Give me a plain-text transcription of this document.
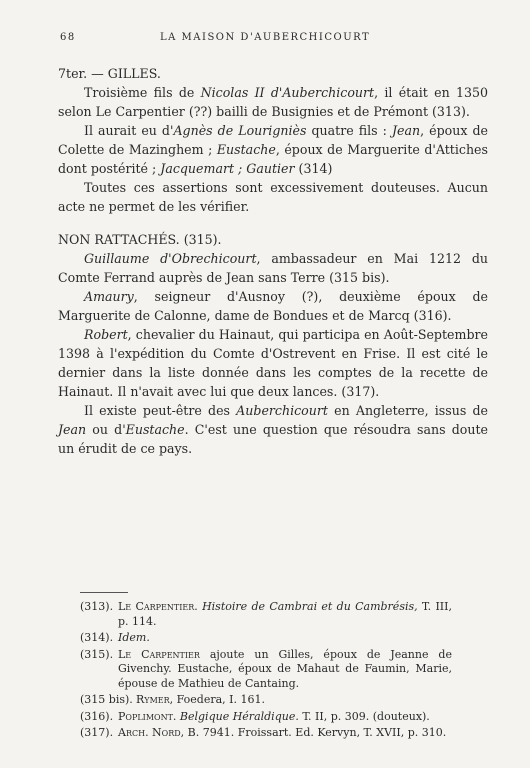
68	LA MAISON D'AUBERCHICOURT

7ter. — GILLES.

Troisième fils de Nicolas II d'Auberchicourt, il était en 1350 selon Le Carpentier (??) bailli de Busignies et de Prémont (313).

Il aurait eu d'Agnès de Lourigniès quatre fils : Jean, époux de Colette de Mazinghem ; Eustache, époux de Marguerite d'Attiches dont postérité ; Jacquemart ; Gautier (314)

Toutes ces assertions sont excessivement douteuses. Aucun acte ne permet de les vérifier.

NON RATTACHÉS. (315).

Guillaume d'Obrechicourt, ambassadeur en Mai 1212 du Comte Ferrand auprès de Jean sans Terre (315 bis).

Amaury, seigneur d'Ausnoy (?), deuxième époux de Marguerite de Calonne, dame de Bondues et de Marcq (316).

Robert, chevalier du Hainaut, qui participa en Août-Septembre 1398 à l'expédition du Comte d'Ostrevent en Frise. Il est cité le dernier dans la liste donnée dans les comptes de la recette de Hainaut. Il n'avait avec lui que deux lances. (317).

Il existe peut-être des Auberchicourt en Angleterre, issus de Jean ou d'Eustache. C'est une question que résoudra sans doute un érudit de ce pays.

(313). Le Carpentier. Histoire de Cambrai et du Cambrésis, T. III, p. 114.
(314). Idem.
(315). Le Carpentier ajoute un Gilles, époux de Jeanne de Givenchy. Eustache, époux de Mahaut de Faumin, Marie, épouse de Mathieu de Cantaing.
(315 bis). Rymer, Foedera, I. 161.
(316). Poplimont. Belgique Héraldique. T. II, p. 309. (douteux).
(317). Arch. Nord, B. 7941. Froissart. Ed. Kervyn, T. XVII, p. 310.
